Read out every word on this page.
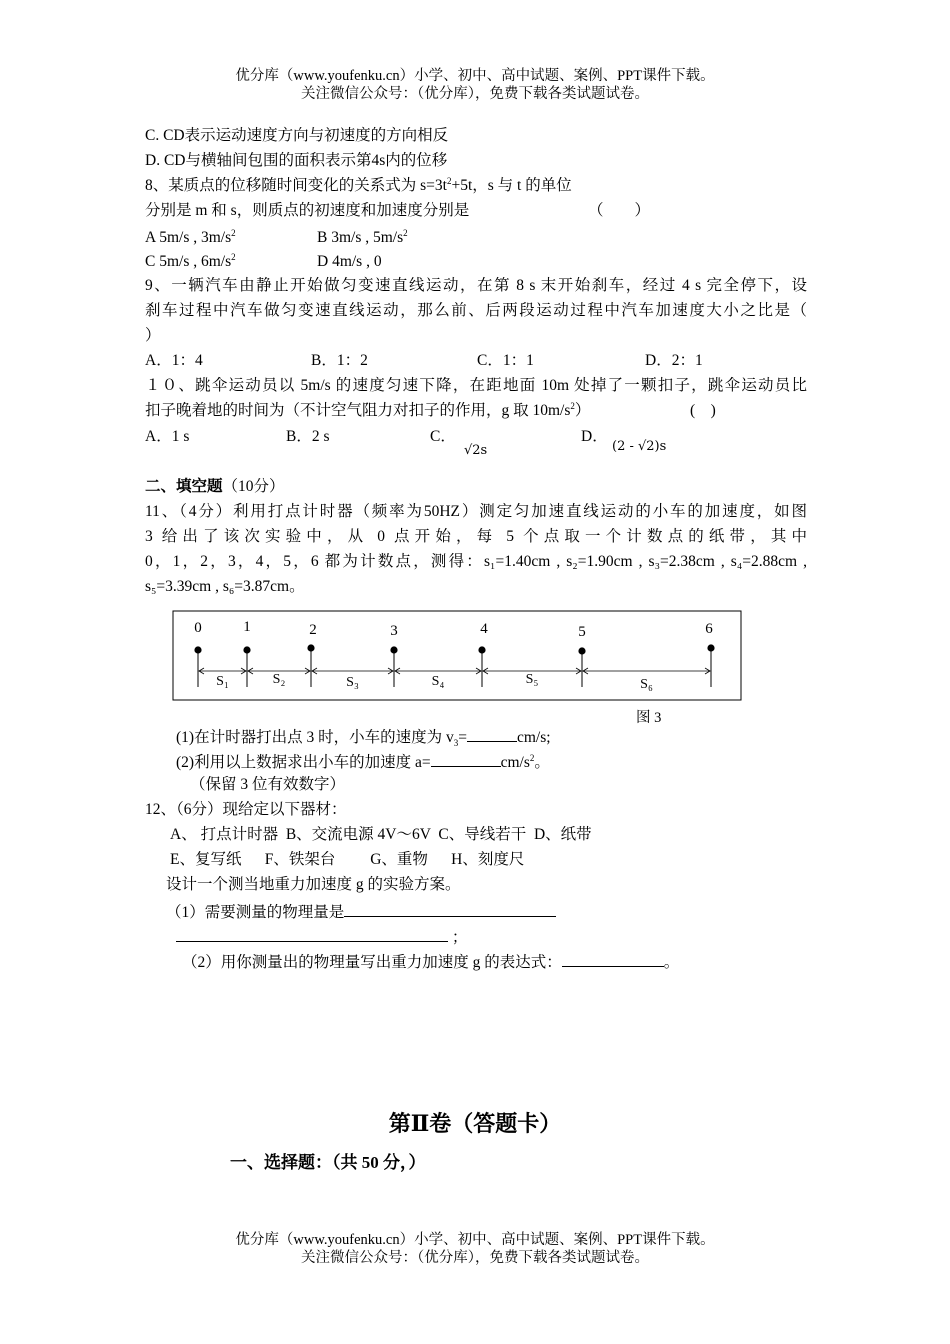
优分库（www.youfenku.cn）小学、初中、高中试题、案例、PPT课件下载。
关注微信公众号：（优分库），免费下载各类试题试卷。
C. CD表示运动速度方向与初速度的方向相反
D. CD与横轴间包围的面积表示第4s内的位移
8、某质点的位移随时间变化的关系式为 $s=3t^2+5t$，s 与 t 的单位
分别是 m 和 s，则质点的初速度和加速度分别是	（　　）
A 5m/s , $3m/s^2$	B 3m/s , $5m/s^2$
C 5m/s , $6m/s^2$	D 4m/s , 0
9、一辆汽车由静止开始做匀变速直线运动，在第 8 s 末开始刹车，经过 4 s 完全停下，设
刹车过程中汽车做匀变速直线运动，那么前、后两段运动过程中汽车加速度大小之比是（
）
A．1：4	B．1：2	C．1：1	D．2：1
１０、跳伞运动员以 5m/s 的速度匀速下降，在距地面 10m 处掉了一颗扣子，跳伞运动员比
扣子晚着地的时间为（不计空气阻力对扣子的作用，g 取 $10m/s^2$）	(　)
A．1 s	B．2 s	C．
√2s
D．
(2 - √2)s
二、填空题（10分）
11、（4分）利用打点计时器（频率为50HZ）测定匀加速直线运动的小车的加速度，如图
3 给出了该次实验中，从 0 点开始，每 5 个点取一个计数点的纸带，其中
0，1，2，3，4，5，6 都为计数点，测得：s₁=1.40cm , s₂=1.90cm , s₃=2.38cm , s₄=2.88cm ,
s₅=3.39cm , s₆=3.87cm。
0	1	2	3	4	5	6
S₁	S₂	S₃	S₄	S₅	S₆
图 3
(1)在计时器打出点 3 时，小车的速度为 $v_3=$	cm/s;
(2)利用以上数据求出小车的加速度 a=	$cm/s^2$。
（保留 3 位有效数字）
12、（6分）现给定以下器材：
A、 打点计时器  B、交流电源 4V～6V  C、导线若干  D、纸带
E、复写纸      F、铁架台         G、重物      H、刻度尺
设计一个测当地重力加速度 g 的实验方案。
（1）需要测量的物理量是
；
（2）用你测量出的物理量写出重力加速度 g 的表达式：	。
第Ⅱ卷（答题卡）
一、选择题：（共 50 分，）
优分库（www.youfenku.cn）小学、初中、高中试题、案例、PPT课件下载。
关注微信公众号：（优分库），免费下载各类试题试卷。
